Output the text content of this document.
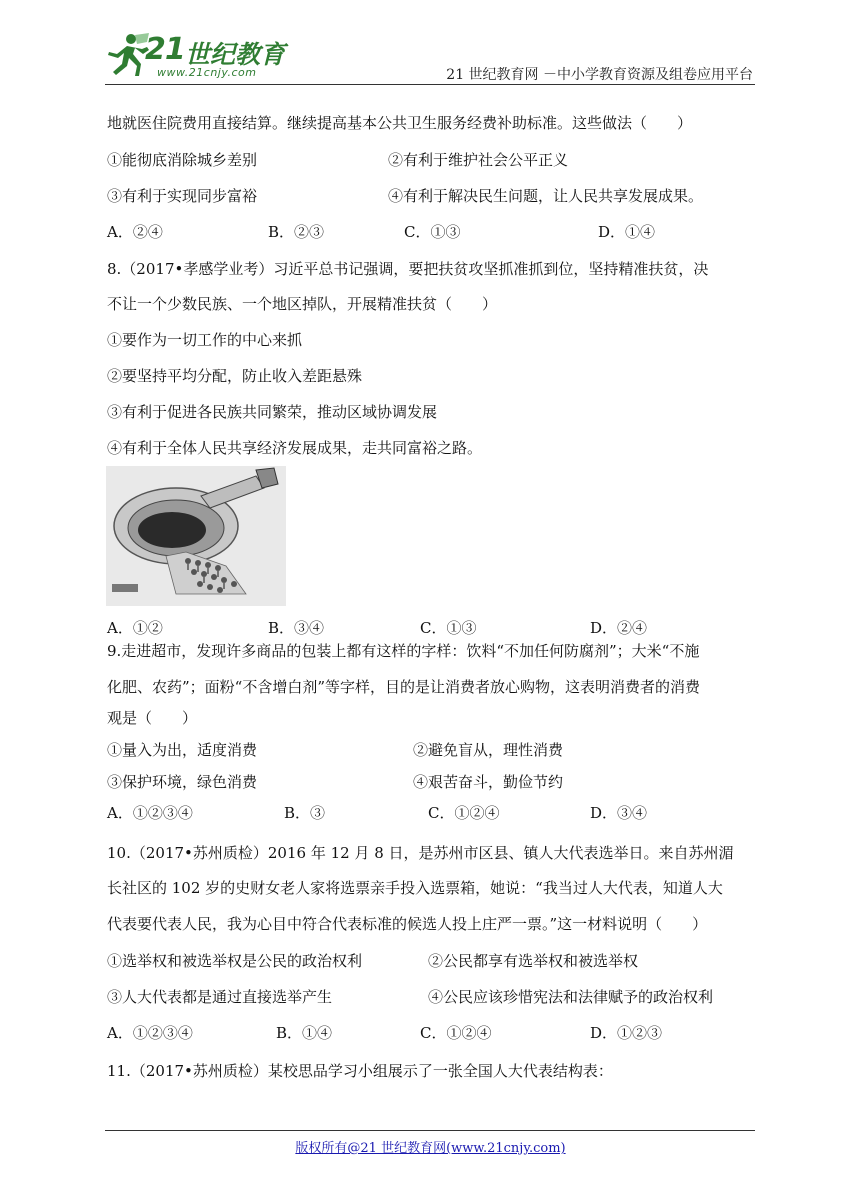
21 世纪教育
www.21cnjy.com	21 世纪教育网 －中小学教育资源及组卷应用平台
地就医住院费用直接结算。继续提高基本公共卫生服务经费补助标准。这些做法（　　）
①能彻底消除城乡差别	②有利于维护社会公平正义
③有利于实现同步富裕	④有利于解决民生问题，让人民共享发展成果。
A．②④	B．②③	C．①③	D．①④
8.（2017•孝感学业考）习近平总书记强调，要把扶贫攻坚抓准抓到位，坚持精准扶贫，决
不让一个少数民族、一个地区掉队，开展精准扶贫（　　）
①要作为一切工作的中心来抓
②要坚持平均分配，防止收入差距悬殊
③有利于促进各民族共同繁荣，推动区域协调发展
④有利于全体人民共享经济发展成果，走共同富裕之路。
A．①②	B．③④	C．①③	D．②④
9.走进超市，发现许多商品的包装上都有这样的字样：饮料“不加任何防腐剂”；大米“不施
化肥、农药”；面粉“不含增白剂”等字样，目的是让消费者放心购物，这表明消费者的消费
观是（　　）
①量入为出，适度消费	②避免盲从，理性消费
③保护环境，绿色消费	④艰苦奋斗，勤俭节约
A．①②③④	B．③	C．①②④	D．③④
10.（2017•苏州质检）2016 年 12 月 8 日，是苏州市区县、镇人大代表选举日。来自苏州湄
长社区的 102 岁的史财女老人家将选票亲手投入选票箱，她说：“我当过人大代表，知道人大
代表要代表人民，我为心目中符合代表标准的候选人投上庄严一票。”这一材料说明（　　）
①选举权和被选举权是公民的政治权利	②公民都享有选举权和被选举权
③人大代表都是通过直接选举产生	④公民应该珍惜宪法和法律赋予的政治权利
A．①②③④	B．①④	C．①②④	D．①②③
11.（2017•苏州质检）某校思品学习小组展示了一张全国人大代表结构表：
版权所有@21 世纪教育网(www.21cnjy.com)
